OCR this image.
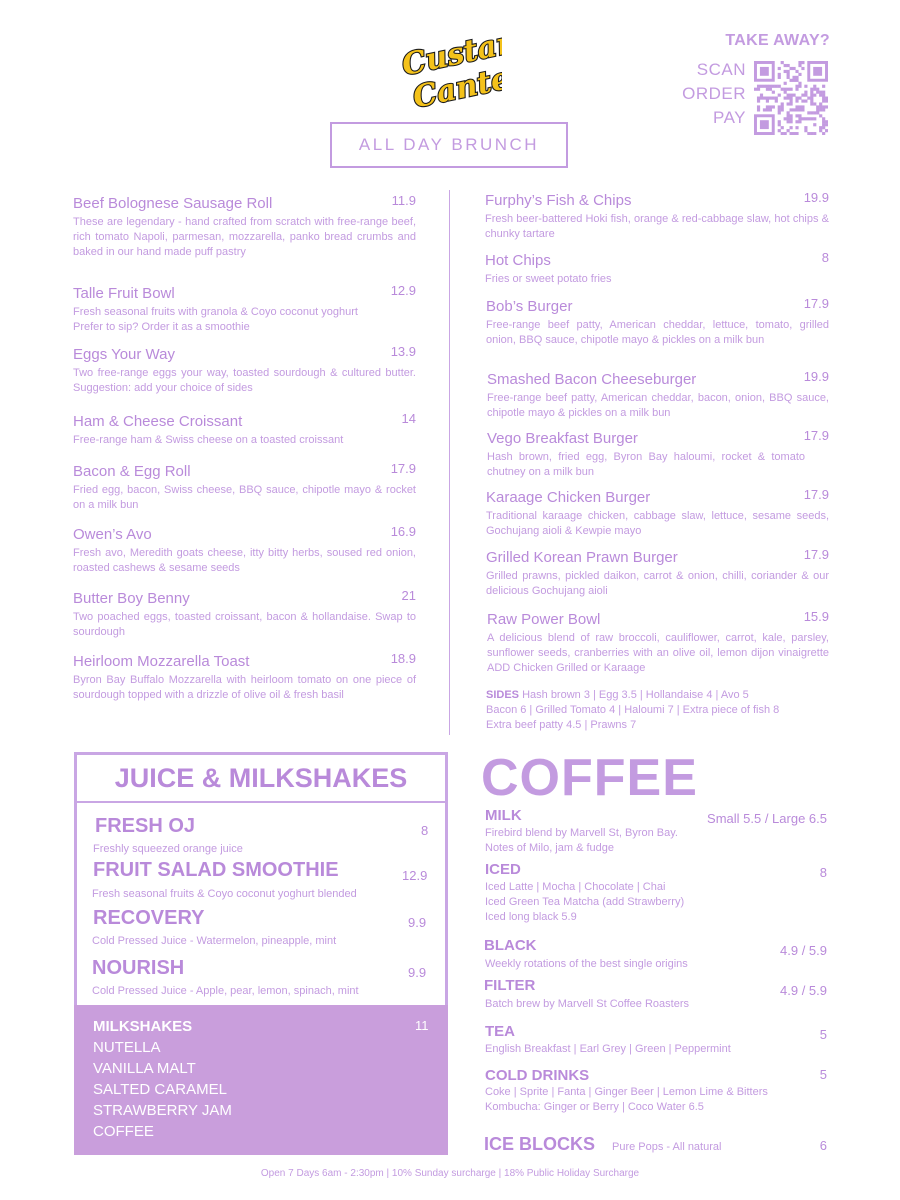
Custard
Canteen
TAKE AWAY?
SCAN
ORDER
PAY
ALL DAY BRUNCH
Beef Bolognese Sausage Roll	11.9
These are legendary - hand crafted from scratch with free-range beef, rich tomato Napoli, parmesan, mozzarella, panko bread crumbs and baked in our hand made puff pastry
Talle Fruit Bowl	12.9
Fresh seasonal fruits with granola & Coyo coconut yoghurt
Prefer to sip? Order it as a smoothie
Eggs Your Way	13.9
Two free-range eggs your way, toasted sourdough & cultured butter. Suggestion: add your choice of sides
Ham & Cheese Croissant	14
Free-range ham & Swiss cheese on a toasted croissant
Bacon & Egg Roll	17.9
Fried egg, bacon, Swiss cheese, BBQ sauce, chipotle mayo & rocket on a milk bun
Owen’s Avo	16.9
Fresh avo, Meredith goats cheese, itty bitty herbs, soused red onion, roasted cashews & sesame seeds
Butter Boy Benny	21
Two poached eggs, toasted croissant, bacon & hollandaise. Swap to sourdough
Heirloom Mozzarella Toast	18.9
Byron Bay Buffalo Mozzarella with heirloom tomato on one piece of sourdough topped with a drizzle of olive oil & fresh basil
Furphy’s Fish & Chips	19.9
Fresh beer-battered Hoki fish, orange & red-cabbage slaw, hot chips & chunky tartare
Hot Chips	8
Fries or sweet potato fries
Bob’s Burger	17.9
Free-range beef patty, American cheddar, lettuce, tomato, grilled onion, BBQ sauce, chipotle mayo & pickles on a milk bun
Smashed Bacon Cheeseburger	19.9
Free-range beef patty, American cheddar, bacon, onion, BBQ sauce, chipotle mayo & pickles on a milk bun
Vego Breakfast Burger	17.9
Hash brown, fried egg, Byron Bay haloumi, rocket & tomato chutney on a milk bun
Karaage Chicken Burger	17.9
Traditional karaage chicken, cabbage slaw, lettuce, sesame seeds, Gochujang aioli & Kewpie mayo
Grilled Korean Prawn Burger	17.9
Grilled prawns, pickled daikon, carrot & onion, chilli, coriander & our delicious Gochujang aioli
Raw Power Bowl	15.9
A delicious blend of raw broccoli, cauliflower, carrot, kale, parsley, sunflower seeds, cranberries with an olive oil, lemon dijon vinaigrette ADD Chicken Grilled or Karaage
SIDES Hash brown 3 | Egg 3.5 | Hollandaise 4 | Avo 5
Bacon 6 | Grilled Tomato 4 | Haloumi 7 | Extra piece of fish 8
Extra beef patty 4.5 | Prawns 7
JUICE & MILKSHAKES
FRESH OJ	8
Freshly squeezed orange juice
FRUIT SALAD SMOOTHIE	12.9
Fresh seasonal fruits & Coyo coconut yoghurt blended
RECOVERY	9.9
Cold Pressed Juice - Watermelon, pineapple, mint
NOURISH	9.9
Cold Pressed Juice - Apple, pear, lemon, spinach, mint
MILKSHAKES	11
NUTELLA
VANILLA MALT
SALTED CARAMEL
STRAWBERRY JAM
COFFEE
COFFEE
MILK	Small 5.5 / Large 6.5
Firebird blend by Marvell St, Byron Bay.
Notes of Milo, jam & fudge
ICED	8
Iced Latte | Mocha | Chocolate | Chai
Iced Green Tea Matcha (add Strawberry)
Iced long black 5.9
BLACK	4.9 / 5.9
Weekly rotations of the best single origins
FILTER	4.9 / 5.9
Batch brew by Marvell St Coffee Roasters
TEA	5
English Breakfast | Earl Grey | Green | Peppermint
COLD DRINKS	5
Coke | Sprite | Fanta | Ginger Beer | Lemon Lime & Bitters
Kombucha: Ginger or Berry | Coco Water 6.5
ICE BLOCKS Pure Pops - All natural	6
Open 7 Days 6am - 2:30pm | 10% Sunday surcharge | 18% Public Holiday Surcharge
